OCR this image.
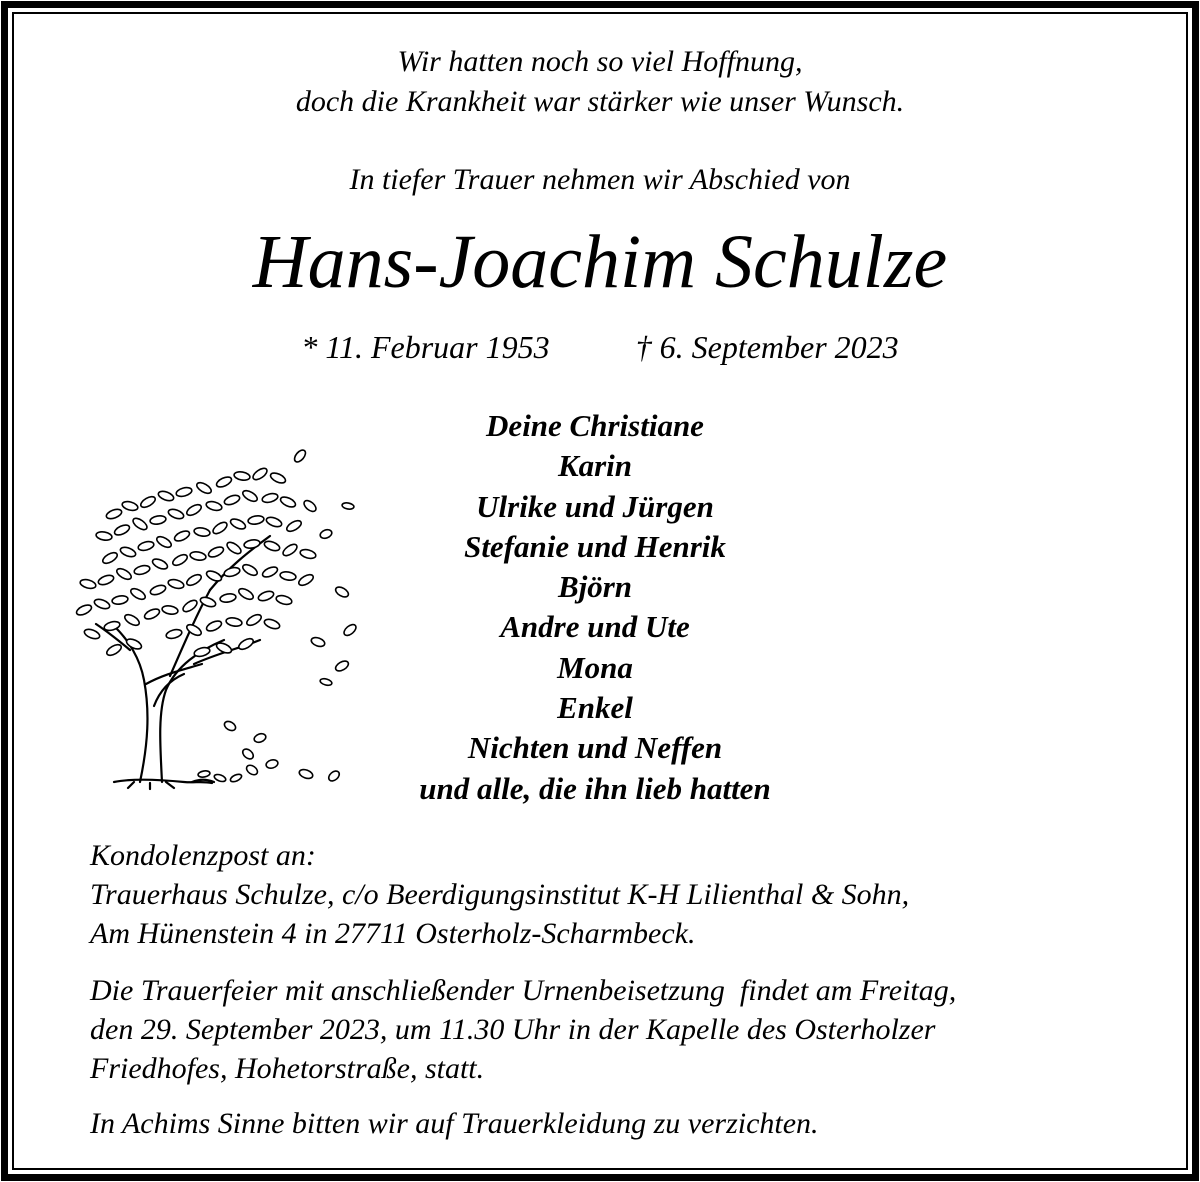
Wir hatten noch so viel Hoffnung,
doch die Krankheit war stärker wie unser Wunsch.
In tiefer Trauer nehmen wir Abschied von
Hans-Joachim Schulze
* 11. Februar 1953	† 6. September 2023
Deine Christiane
Karin
Ulrike und Jürgen
Stefanie und Henrik
Björn
Andre und Ute
Mona
Enkel
Nichten und Neffen
und alle, die ihn lieb hatten
Kondolenzpost an:
Trauerhaus Schulze, c/o Beerdigungsinstitut K-H Lilienthal & Sohn,
Am Hünenstein 4 in 27711 Osterholz-Scharmbeck.
Die Trauerfeier mit anschließender Urnenbeisetzung  findet am Freitag,
den 29. September 2023, um 11.30 Uhr in der Kapelle des Osterholzer
Friedhofes, Hohetorstraße, statt.
In Achims Sinne bitten wir auf Trauerkleidung zu verzichten.
